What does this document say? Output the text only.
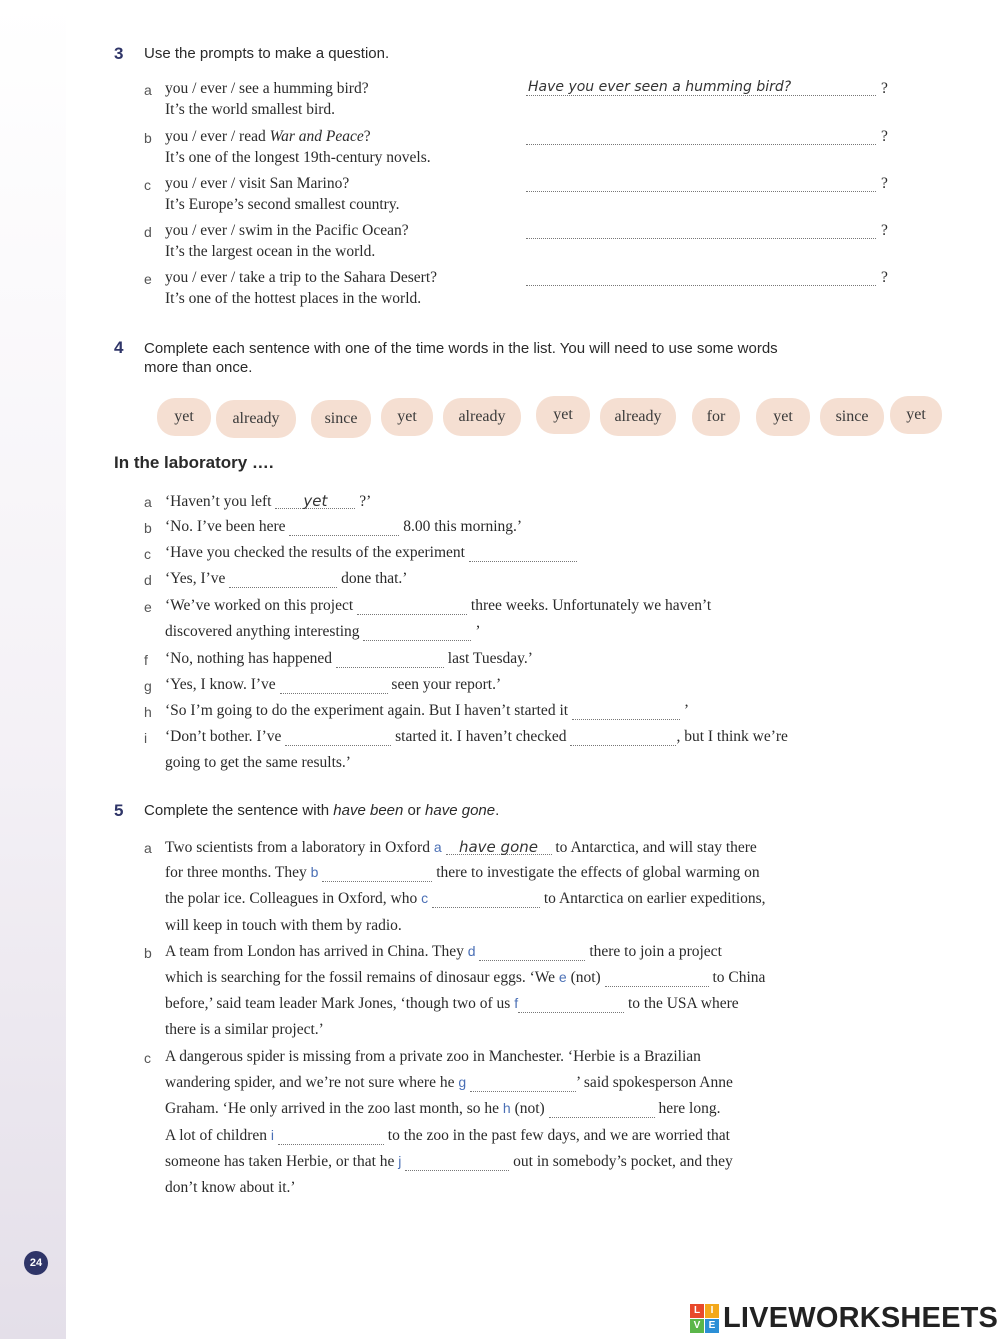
3 Use the prompts to make a question.
a you / ever / see a humming bird?
It’s the world smallest bird.
Have you ever seen a humming bird?
?
b you / ever / read War and Peace?
It’s one of the longest 19th-century novels.
?
c you / ever / visit San Marino?
It’s Europe’s second smallest country.
?
d you / ever / swim in the Pacific Ocean?
It’s the largest ocean in the world.
?
e you / ever / take a trip to the Sahara Desert?
It’s one of the hottest places in the world.
?
4 Complete each sentence with one of the time words in the list. You will need to use some words
more than once.
yet	already	since	yet	already	yet	already	for	yet	since	yet
In the laboratory ….
a ‘Haven’t you left yet ?’
b ‘No. I’ve been here	8.00 this morning.’
c ‘Have you checked the results of the experiment
d ‘Yes, I’ve	done that.’
e ‘We’ve worked on this project	three weeks. Unfortunately we haven’t
discovered anything interesting	’
f ‘No, nothing has happened	last Tuesday.’
g ‘Yes, I know. I’ve	seen your report.’
h ‘So I’m going to do the experiment again. But I haven’t started it	’
i ‘Don’t bother. I’ve	started it. I haven’t checked	, but I think we’re
going to get the same results.’
5 Complete the sentence with have been or have gone.
a Two scientists from a laboratory in Oxford a have gone to Antarctica, and will stay there
for three months. They b	there to investigate the effects of global warming on
the polar ice. Colleagues in Oxford, who c	to Antarctica on earlier expeditions,
will keep in touch with them by radio.
b A team from London has arrived in China. They d	there to join a project
which is searching for the fossil remains of dinosaur eggs. ‘We e (not)	to China
before,’ said team leader Mark Jones, ‘though two of us f	to the USA where
there is a similar project.’
c A dangerous spider is missing from a private zoo in Manchester. ‘Herbie is a Brazilian
wandering spider, and we’re not sure where he g	’ said spokesperson Anne
Graham. ‘He only arrived in the zoo last month, so he h (not)	here long.
A lot of children i	to the zoo in the past few days, and we are worried that
someone has taken Herbie, or that he j	out in somebody’s pocket, and they
don’t know about it.’
24
L	I
V E LIVEWORKSHEETS
